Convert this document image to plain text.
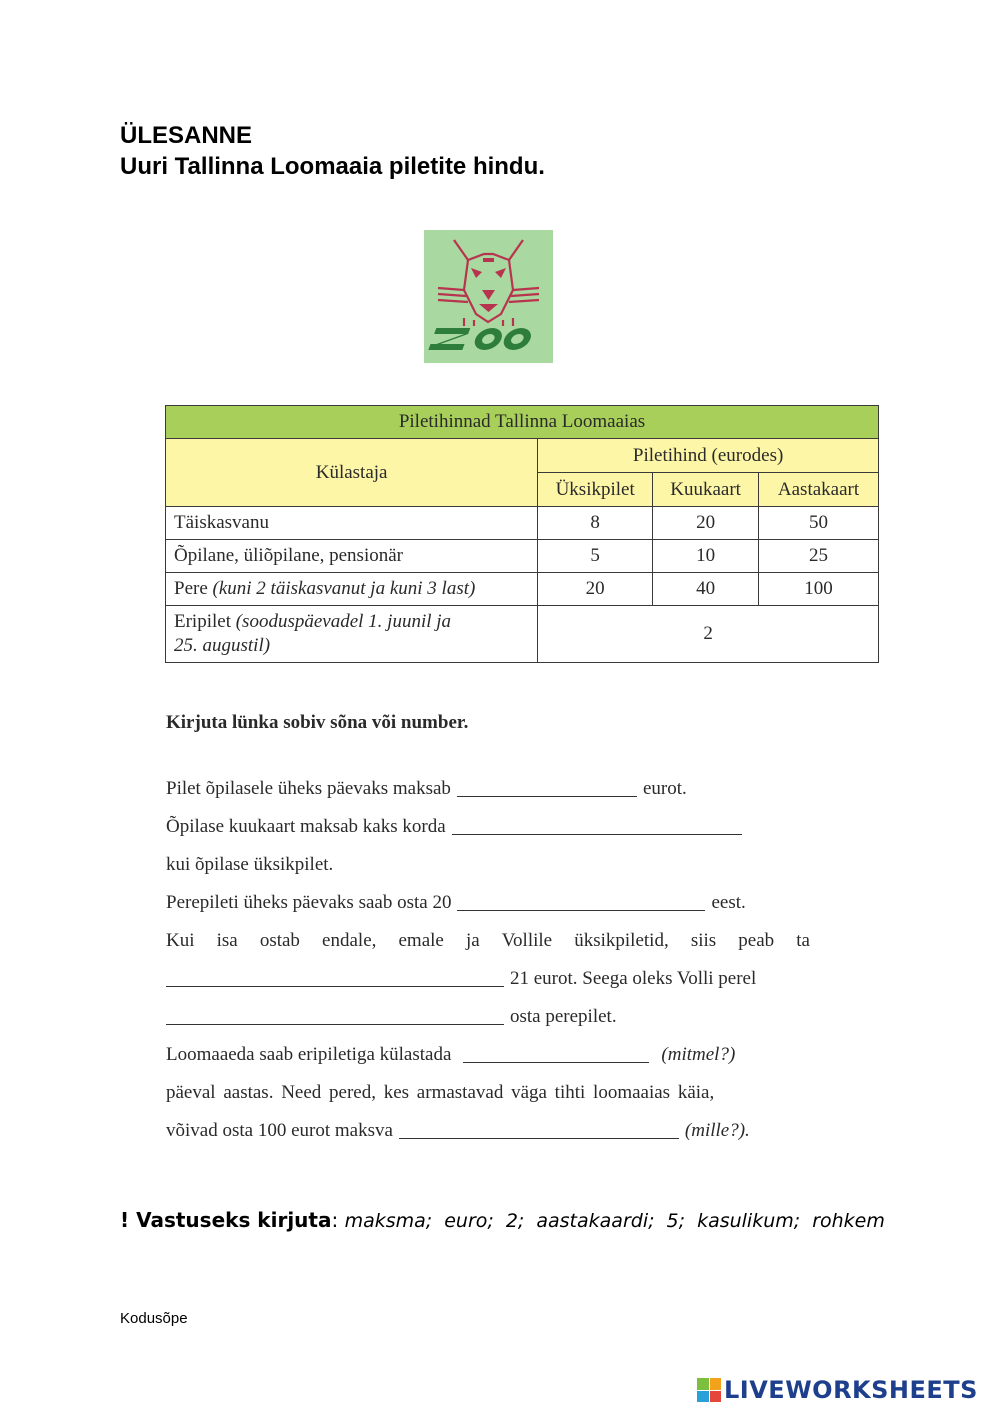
ÜLESANNE
Uuri Tallinna Loomaaia piletite hindu.
Piletihinnad Tallinna Loomaaias			
Külastaja	Piletihind (eurodes)		
	Üksikpilet	Kuukaart	Aastakaart
Täiskasvanu	8	20	50
Õpilane, üliõpilane, pensionär	5	10	25
Pere (kuni 2 täiskasvanut ja kuni 3 last)	20	40	100
Eripilet (sooduspäevadel 1. juunil ja
25. augustil)	2		
Kirjuta lünka sobiv sõna või number.
Pilet õpilasele üheks päevaks maksab	eurot.
Õpilase kuukaart maksab kaks korda
kui õpilase üksikpilet.
Perepileti üheks päevaks saab osta 20	eest.
Kui isa ostab endale, emale ja Vollile üksikpiletid, siis peab ta
21 eurot. Seega oleks Volli perel
osta perepilet.
Loomaaeda saab eripiletiga külastada	(mitmel?)
päeval aastas. Need pered, kes armastavad väga tihti loomaaias käia,
võivad osta 100 eurot maksva	(mille?).
! Vastuseks kirjuta: maksma; euro; 2; aastakaardi; 5; kasulikum; rohkem
Kodusõpe
LIVEWORKSHEETS
